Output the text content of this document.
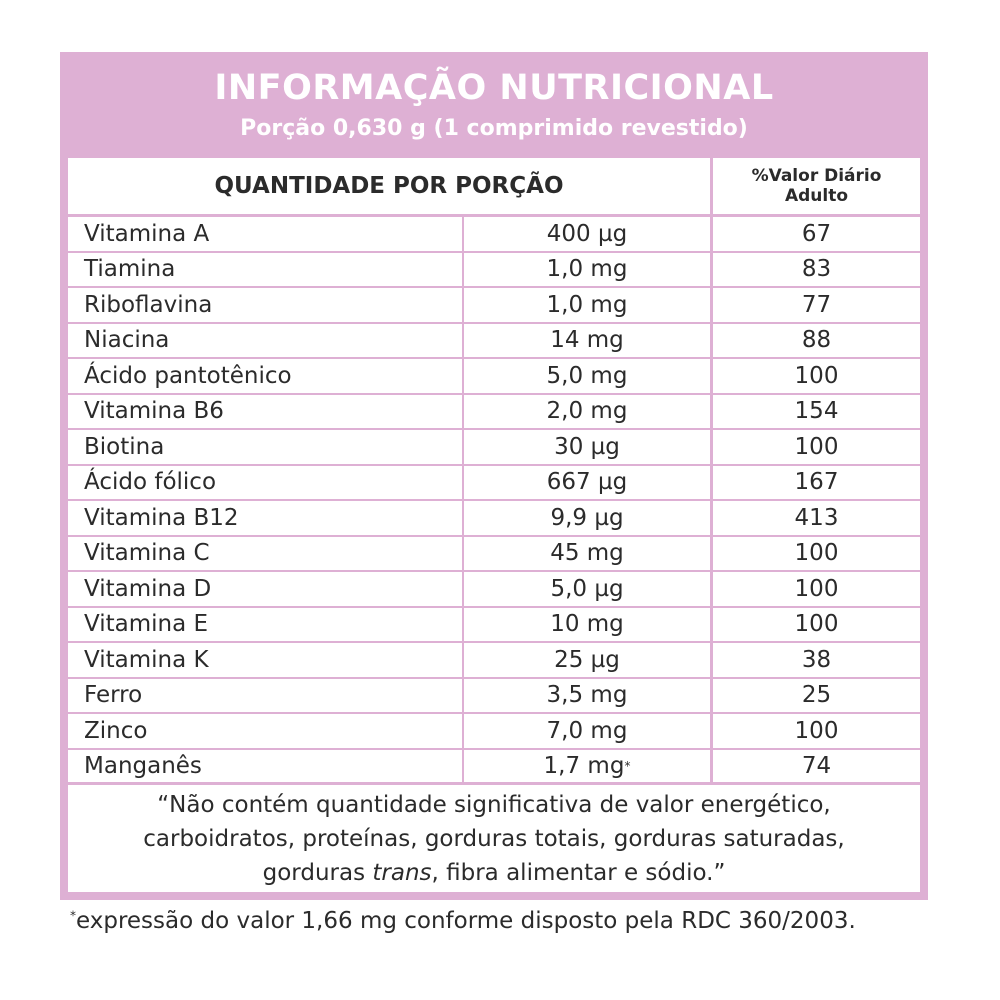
INFORMAÇÃO NUTRICIONAL
Porção 0,630 g (1 comprimido revestido)
QUANTIDADE POR PORÇÃO	%Valor Diário
Adulto
Vitamina A	400 µg	67
Tiamina	1,0 mg	83
Riboflavina	1,0 mg	77
Niacina	14 mg	88
Ácido pantotênico	5,0 mg	100
Vitamina B6	2,0 mg	154
Biotina	30 µg	100
Ácido fólico	667 µg	167
Vitamina B12	9,9 µg	413
Vitamina C	45 mg	100
Vitamina D	5,0 µg	100
Vitamina E	10 mg	100
Vitamina K	25 µg	38
Ferro	3,5 mg	25
Zinco	7,0 mg	100
Manganês	1,7 mg *	74
“Não contém quantidade significativa de valor energético,
carboidratos, proteínas, gorduras totais, gorduras saturadas,
gorduras trans, fibra alimentar e sódio.”
*expressão do valor 1,66 mg conforme disposto pela RDC 360/2003.
